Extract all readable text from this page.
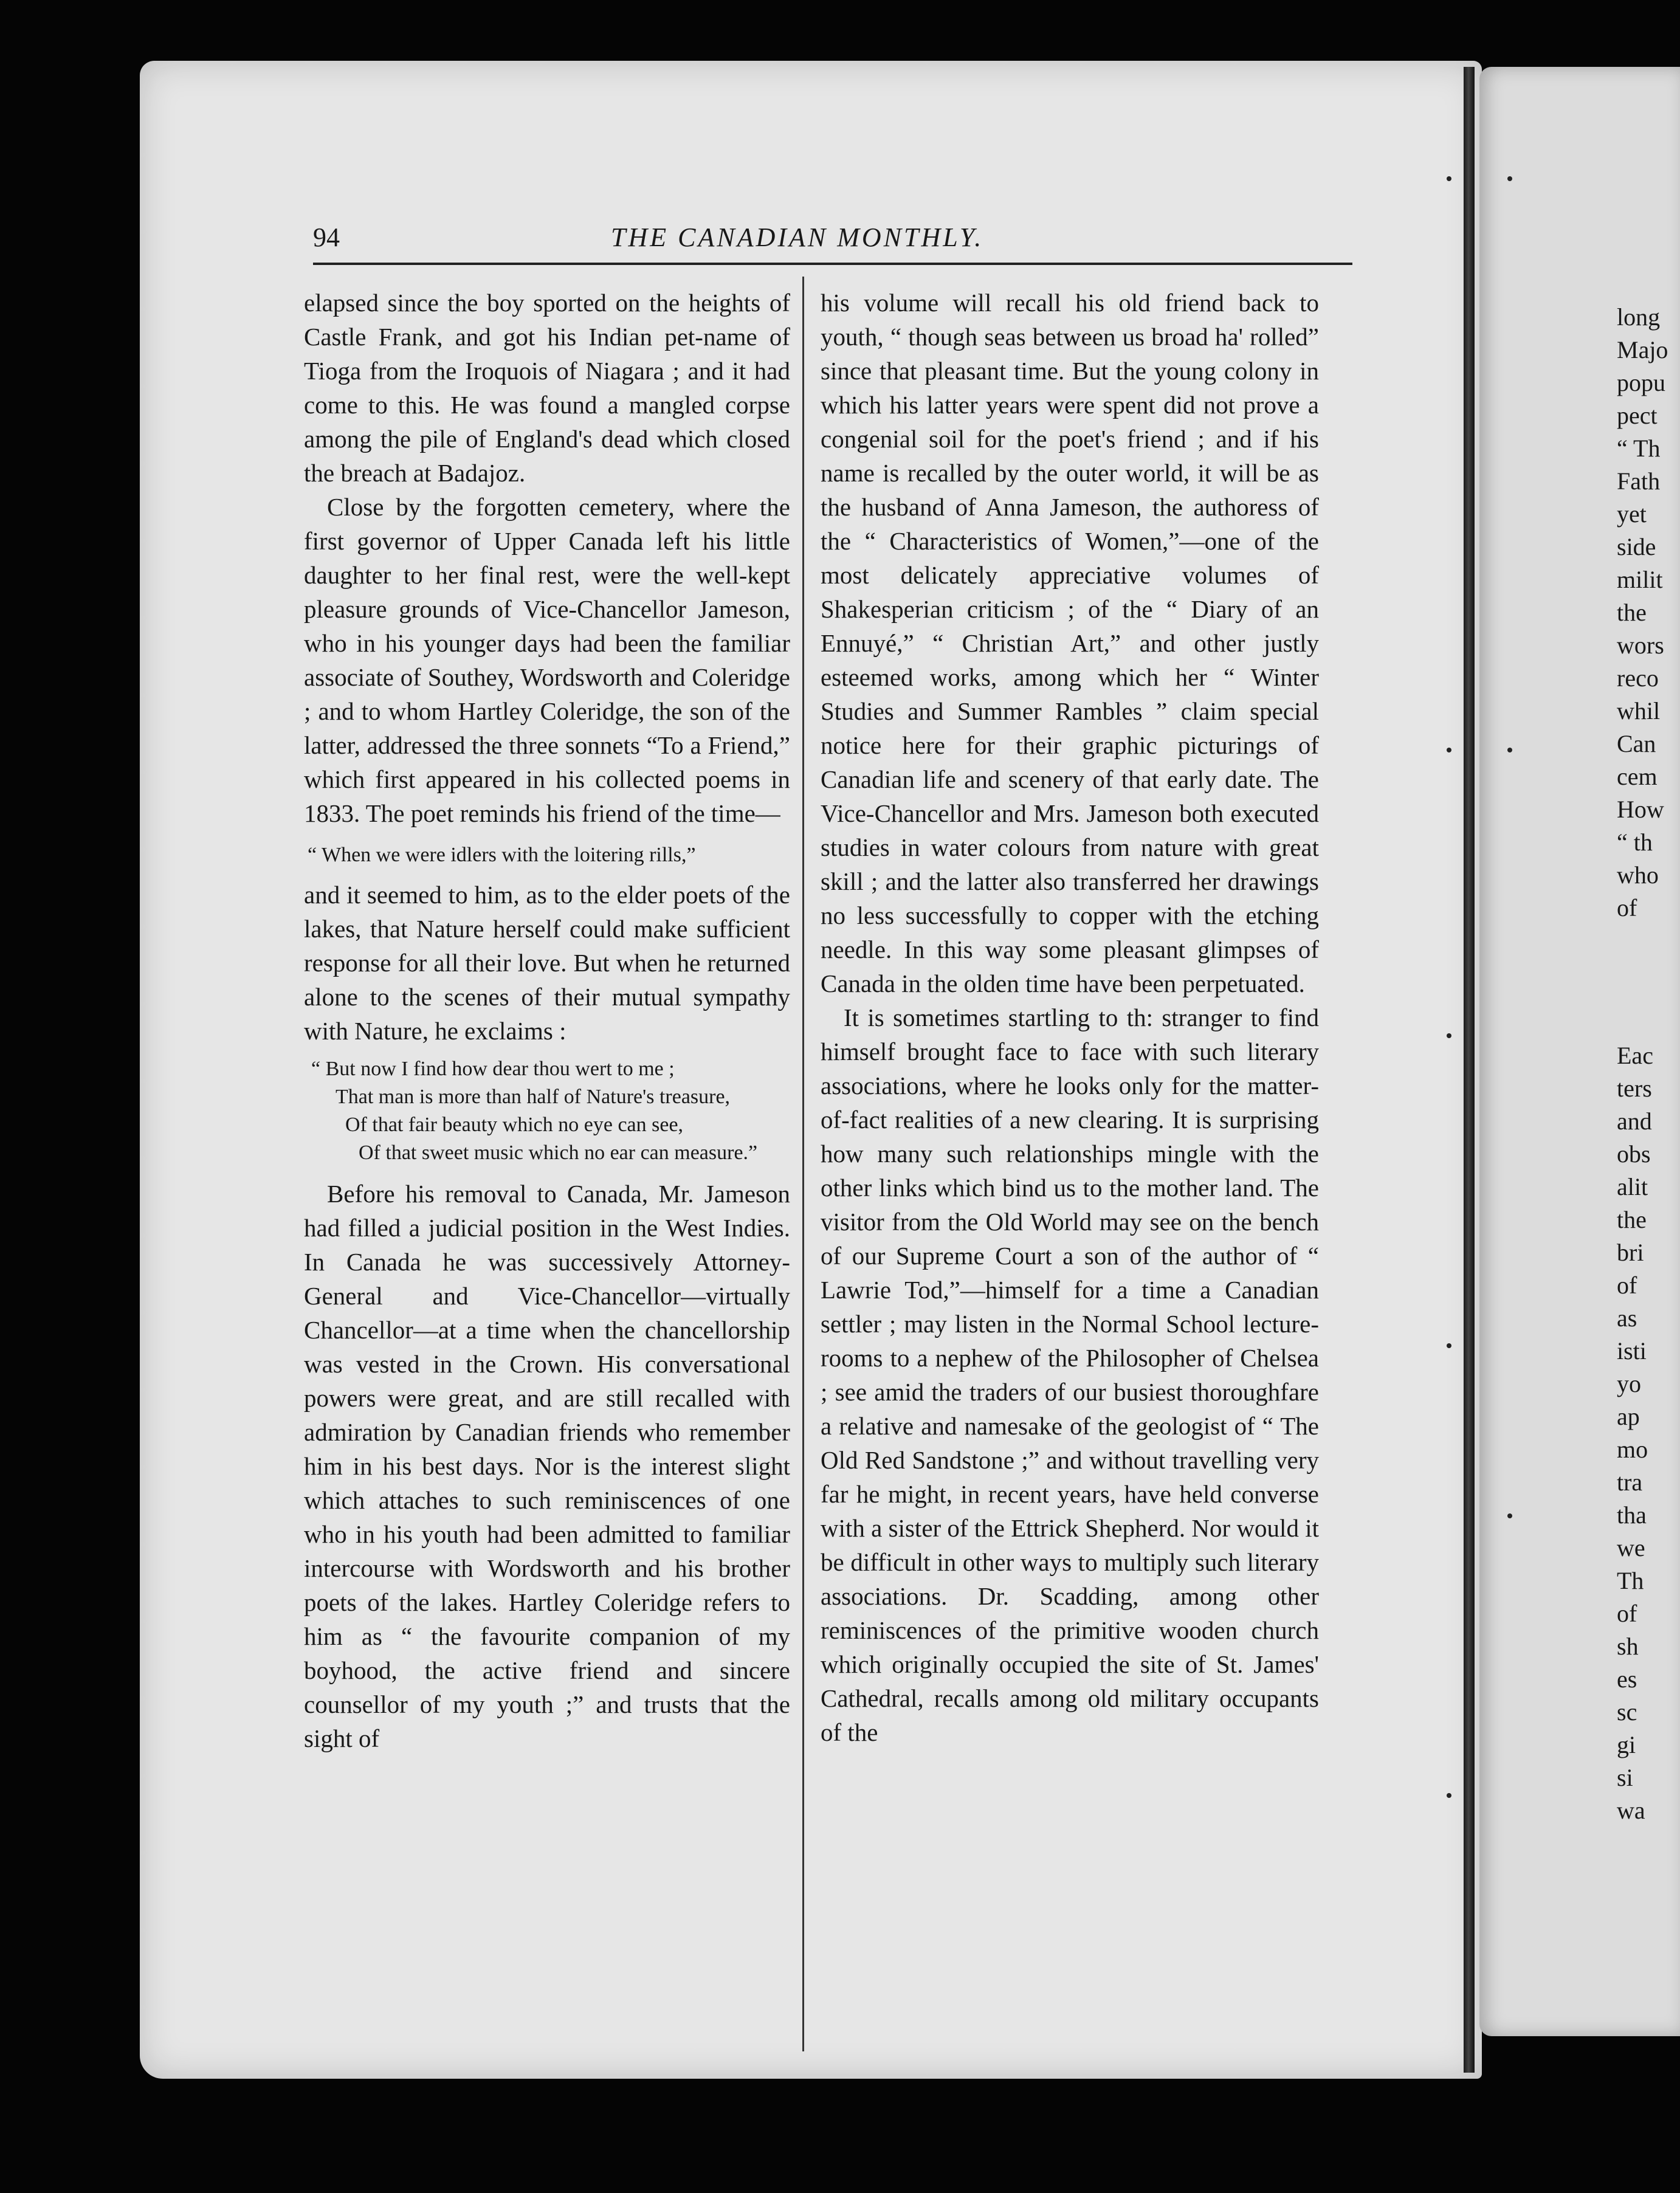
94	THE CANADIAN MONTHLY.

elapsed since the boy sported on the heights of Castle Frank, and got his Indian pet-name of Tioga from the Iroquois of Niagara ; and it had come to this. He was found a mangled corpse among the pile of England's dead which closed the breach at Badajoz.

Close by the forgotten cemetery, where the first governor of Upper Canada left his little daughter to her final rest, were the well-kept pleasure grounds of Vice-Chancellor Jameson, who in his younger days had been the familiar associate of Southey, Wordsworth and Coleridge ; and to whom Hartley Coleridge, the son of the latter, addressed the three sonnets “To a Friend,” which first appeared in his collected poems in 1833. The poet reminds his friend of the time—

“ When we were idlers with the loitering rills,”

and it seemed to him, as to the elder poets of the lakes, that Nature herself could make sufficient response for all their love. But when he returned alone to the scenes of their mutual sympathy with Nature, he exclaims :

“ But now I find how dear thou wert to me ;
That man is more than half of Nature's treasure,
Of that fair beauty which no eye can see,
Of that sweet music which no ear can measure.”

Before his removal to Canada, Mr. Jameson had filled a judicial position in the West Indies. In Canada he was successively Attorney-General and Vice-Chancellor—virtually Chancellor—at a time when the chancellorship was vested in the Crown. His conversational powers were great, and are still recalled with admiration by Canadian friends who remember him in his best days. Nor is the interest slight which attaches to such reminiscences of one who in his youth had been admitted to familiar intercourse with Wordsworth and his brother poets of the lakes. Hartley Coleridge refers to him as “ the favourite companion of my boyhood, the active friend and sincere counsellor of my youth ;” and trusts that the sight of

his volume will recall his old friend back to youth, “ though seas between us broad ha' rolled” since that pleasant time. But the young colony in which his latter years were spent did not prove a congenial soil for the poet's friend ; and if his name is recalled by the outer world, it will be as the husband of Anna Jameson, the authoress of the “ Characteristics of Women,”—one of the most delicately appreciative volumes of Shakesperian criticism ; of the “ Diary of an Ennuyé,” “ Christian Art,” and other justly esteemed works, among which her “ Winter Studies and Summer Rambles ” claim special notice here for their graphic picturings of Canadian life and scenery of that early date. The Vice-Chancellor and Mrs. Jameson both executed studies in water colours from nature with great skill ; and the latter also transferred her drawings no less successfully to copper with the etching needle. In this way some pleasant glimpses of Canada in the olden time have been perpetuated.

It is sometimes startling to th: stranger to find himself brought face to face with such literary associations, where he looks only for the matter-of-fact realities of a new clearing. It is surprising how many such relationships mingle with the other links which bind us to the mother land. The visitor from the Old World may see on the bench of our Supreme Court a son of the author of “ Lawrie Tod,”—himself for a time a Canadian settler ; may listen in the Normal School lecture-rooms to a nephew of the Philosopher of Chelsea ; see amid the traders of our busiest thoroughfare a relative and namesake of the geologist of “ The Old Red Sandstone ;” and without travelling very far he might, in recent years, have held converse with a sister of the Ettrick Shepherd. Nor would it be difficult in other ways to multiply such literary associations. Dr. Scadding, among other reminiscences of the primitive wooden church which originally occupied the site of St. James' Cathedral, recalls among old military occupants of the

long
Majo
popu
pect
“ Th
Fath
yet
side
milit
the
wors
reco
whil
Can
cem
How
“ th
who
of
Eac
ters
and
obs
alit
the
bri
of
as
isti
yo
ap
mo
tra
tha
we
Th
of
sh
es
sc
gi
si
wa
